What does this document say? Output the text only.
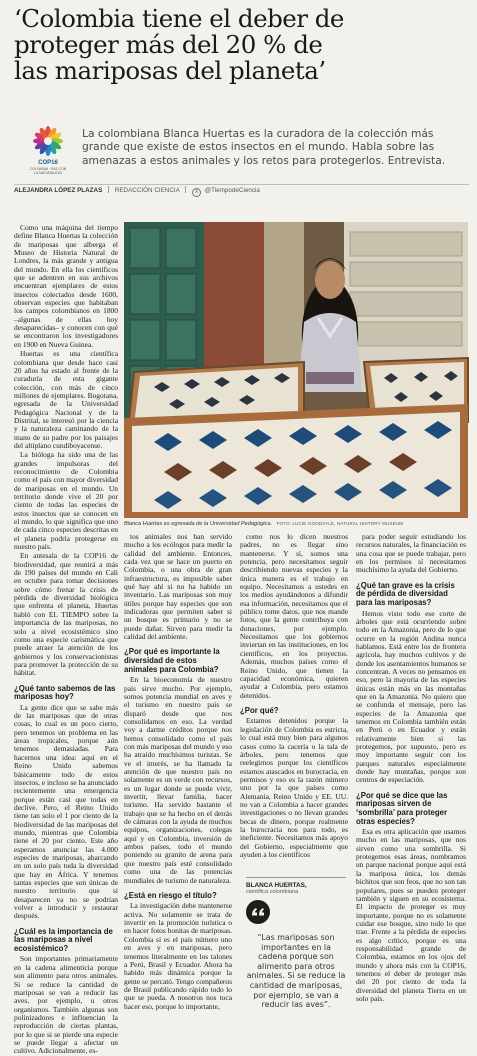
‘Colombia tiene el deber de
proteger más del 20 % de
las mariposas del planeta’
COP16
COLOMBIA · PAZ CON LA NATURALEZA

La colombiana Blanca Huertas es la curadora de la colección más grande que existe de estos insectos en el mundo. Habla sobre las amenazas a estos animales y los retos para protegerlos. Entrevista.

ALEJANDRA LÓPEZ PLAZAS REDACCIÓN CIENCIA	X @TiempodeCiencia

Como una máquina del tiempo define Blanca Huertas la colección de mariposas que alberga el Museo de Historia Natural de Londres, la más grande y antigua del mundo. En ella los científicos que se adentren en sus archivos encuentran ejemplares de estos insectos colectados desde 1600, observan especies que habitaban los campos colombianos en 1800 –algunas de ellas hoy desaparecidas– y conocen con qué se encontraron los investigadores en 1900 en Nueva Guinea.

Huertas es una científica colombiana que desde hace casi 20 años ha estado al frente de la curaduría de esta gigante colección, con más de cinco millones de ejemplares. Bogotana, egresada de la Universidad Pedagógica Nacional y de la Distrital, se interesó por la ciencia y la naturaleza caminando de la mano de su padre por los paisajes del altiplano cundiboyacense.

La bióloga ha sido una de las grandes impulsoras del reconocimiento de Colombia como el país con mayor diversidad de mariposas en el mundo. Un territorio donde vive el 20 por ciento de todas las especies de estos insectos que se conocen en el mundo, lo que significa que uno de cada cinco especies descritas en el planeta podría protegerse en nuestro país.

En antesala de la COP16 de biodiversidad, que reunirá a más de 190 países del mundo en Cali en octubre para tomar decisiones sobre cómo frenar la crisis de pérdida de diversidad biológica que enfrenta el planeta, Huertas habló con EL TIEMPO sobre la importancia de las mariposas, no solo a nivel ecosistémico sino como una especie carismática que puede atraer la atención de los gobiernos y los conservacionistas para promover la protección de su hábitat.

¿Qué tanto sabemos de las mariposas hoy?

La gente dice que se sabe más de las mariposas que de otras cosas, lo cual es un poco cierto, pero tenemos un problema en las áreas tropicales, porque aún tenemos demasiadas. Para hacernos una idea: aquí en el Reino Unido sabemos básicamente todo de estos insectos, e incluso se ha anunciado recientemente una emergencia porque están casi que todas en declive. Pero, el Reino Unido tiene tan solo el 1 por ciento de la biodiversidad de las mariposas del mundo, mientras que Colombia tiene el 20 por ciento. Este año esperamos anunciar las 4.000 especies de mariposas, abarcando en un solo país toda la diversidad que hay en África. Y tenemos tantas especies que son únicas de nuestro territorio que si desaparecen ya no se podrían volver a introducir y restaurar después.

¿Cuál es la importancia de las mariposas a nivel ecosistémico?

Son importantes primariamente en la cadena alimenticia porque son alimento para otros animales. Si se reduce la cantidad de mariposas se van a reducir las aves, por ejemplo, u otros organismos. También algunas son polinizadores e influencian la reproducción de ciertas plantas, por lo que si se pierde una especie se puede llegar a afectar un cultivo. Adicionalmente, es-

Blanca Huertas es egresada de la Universidad Pedagógica. FOTO: LUCIE GOODAYLE, NATURAL HISTORY MUSEUM

tos animales nos han servido mucho a los ecólogos para medir la calidad del ambiente. Entonces, cada vez que se hace un puerto en Colombia, o una obra de gran infraestructura, es imposible saber qué hay ahí si no ha habido un inventario. Las mariposas son muy útiles porque hay especies que son indicadoras que permiten saber si un bosque es primario y no se puede dañar. Sirven para medir la calidad del ambiente.

¿Por qué es importante la diversidad de estos animales para Colombia?

En la bioeconomía de nuestro país sirve mucho. Por ejemplo, somos potencia mundial en aves y el turismo en nuestro país se disparó desde que nos consolidamos en eso. La verdad voy a darme créditos porque nos hemos consolidado como el país con más mariposas del mundo y eso ha atraído muchísimos turistas. Se ve el interés, se ha llamado la atención de que nuestro país no solamente es un verde con recursos, es un lugar donde se puede vivir, invertir, llevar familia, hacer turismo. Ha servido bastante el trabajo que se ha hecho en el detrás de cámaras con la ayuda de muchos equipos, organizaciones, colegas aquí y en Colombia, inversión de ambos países, todo el mundo poniendo su granito de arena para que nuestro país esté consolidado como una de las potencias mundiales de turismo de naturaleza.

¿Está en riesgo el título?

La investigación debe mantenerse activa. No solamente se trata de invertir en la promoción turística o en hacer fotos bonitas de mariposas. Colombia sí es el país número uno en aves y en mariposas, pero tenemos literalmente en los talones a Perú, Brasil y Ecuador. Ahora ha habido más dinámica porque la gente se percató. Tengo compañeros de Brasil publicando rápido todo lo que se pueda. A nosotros nos toca hacer eso, porque lo importante,

como nos lo dicen nuestros padres, no es llegar sino mantenerse. Y sí, somos una potencia, pero necesitamos seguir describiendo nuevas especies y la única manera es el trabajo en equipo. Necesitamos a ustedes en los medios ayudándonos a difundir esa información, necesitamos que el público tome datos, que nos mande fotos, que la gente contribuya con donaciones, por ejemplo. Necesitamos que los gobiernos inviertan en las instituciones, en los científicos, en los proyectos. Además, muchos países como el Reino Unido, que tienen la capacidad económica, quieren ayudar a Colombia, pero estamos detenidos.

¿Por qué?

Estamos detenidos porque la legislación de Colombia es estricta, lo cual está muy bien para algunos casos como la cacería o la tala de árboles, pero tenemos que reelegirnos porque los científicos estamos atascados en burocracia, en permisos y eso es la razón número uno por la que países como Alemania, Reino Unido y EE. UU. no van a Colombia a hacer grandes investigaciones o no llevan grandes becas de dinero, porque realmente la burocracia nos para todo, es ineficiente. Necesitamos más apoyo del Gobierno, especialmente que ayuden a los científicos

BLANCA HUERTAS,
científica colombiana
“Las mariposas son importantes en la cadena porque son alimento para otros animales. Si se reduce la cantidad de mariposas, por ejemplo, se van a reducir las aves”.

para poder seguir estudiando los recursos naturales, la financiación es una cosa que se puede trabajar, pero en los permisos sí necesitamos muchísimo la ayuda del Gobierno.

¿Qué tan grave es la crisis de pérdida de diversidad para las mariposas?

Hemos visto todo ese corte de árboles que está ocurriendo sobre todo en la Amazonia, pero de lo que ocurre en la región Andina nunca hablamos. Está entre los de frontera agrícola, hay muchos cultivos y de donde los asentamientos humanos se concentran. A veces no pensamos en eso, pero la mayoría de las especies únicas están más en las montañas que en la Amazonia. No quiero que se confunda el mensaje, pero las especies de la Amazonia que tenemos en Colombia también están en Perú o en Ecuador y están relativamente bien si las protegemos, por supuesto, pero es muy importante seguir con los parques naturales especialmente donde hay montañas, porque son centros de especiación.

¿Por qué se dice que las mariposas sirven de ‘sombrilla’ para proteger otras especies?

Esa es otra aplicación que usamos mucho en las mariposas, que nos sirven como una sombrilla. Si protegemos esas áreas, nombramos un parque nacional porque aquí está la mariposa única, los demás bichitos que son feos, que no son tan populares, pues se pueden proteger también y siguen en su ecosistema. El impacto de proteger es muy importante, porque no es solamente cuidar ese bosque, sino todo lo que trae. Frente a la pérdida de especies es algo crítico, porque es una responsabilidad grande de Colombia, estamos en los ojos del mundo y ahora más con la COP16, tenemos el deber de proteger más del 20 por ciento de toda la diversidad del planeta Tierra en un solo país.
